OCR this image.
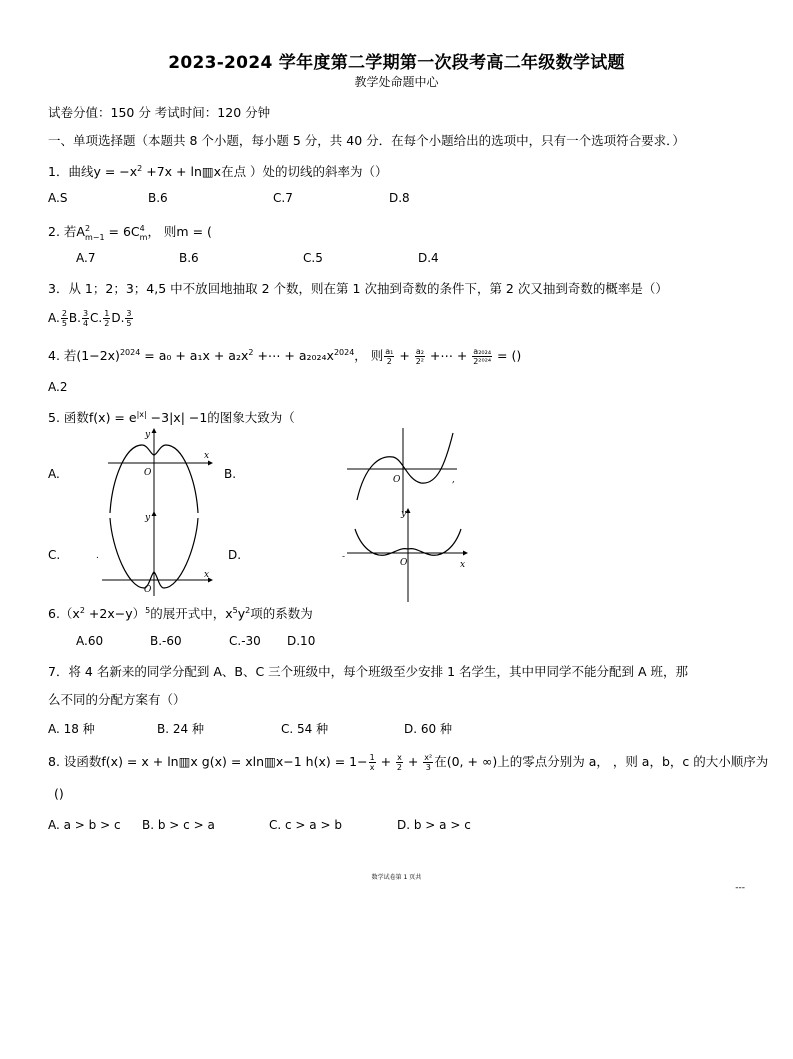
2023-2024 学年度第二学期第一次段考高二年级数学试题
教学处命题中心
试卷分值：150 分 考试时间：120 分钟
一、单项选择题（本题共 8 个小题，每小题 5 分，共 40 分．在每个小题给出的选项中，只有一个选项符合要求．）
1．曲线$y = -x^2 +7x$ + ln▥x在点 ）处的切线的斜率为（）
A.S	B.6	C.7	D.8
2. 若A 2
m−1 = 6C 4
m ， 则m = (
A.7	B.6	C.5	D.4
3．从 1；2；3；4,5 中不放回地抽取 2 个数，则在第 1 次抽到奇数的条件下，第 2 次又抽到奇数的概率是（）
A. $\frac{2}{5} B$. $\frac{3}{4} C$. $\frac{1}{2} D$. $\frac{3}{5}$
4. 若$(1-2x)^{2024} = a_0 + a_1x + a_2x^2$ +⋯ + $a_{2024}x^{2024}$， 则 $\frac{\text{a₁}}{2} + \frac{\text{a₂}}{\text{2²}}$ +⋯ + $\frac{\text{a₂₀₂₄}}{\text{2²⁰²⁴}}$ = ()
A.2
5. 函数$f(x) = e^{|x|} -3|x| -1$的图象大致为（
A.	B.
C.	D.
y
x
O
O	,
y
x
O
.
y
x
O
-
$6.(x^2 +2x-y)^5$的展开式中，$x^5y^2$项的系数为
A.60	B.-60	C.-30 D.10
7．将 4 名新来的同学分配到 A、B、C 三个班级中，每个班级至少安排 1 名学生，其中甲同学不能分配到 A 班，那
么不同的分配方案有（）
A. 18 种	B. 24 种	C. 54 种	D. 60 种
8. 设函数f(x) = x + ln▥x g(x) = xln▥x−1 $h(x) = 1- \frac{1}{x} + \frac{x}{2} + \frac{\text{x²}}{3}$ 在(0, + ∞)上的零点分别为 a， ，则 a，b，c 的大小顺序为
()
A. a > b > c B. b > c > a	C. c > a > b	D. b > a > c
数学试卷第 1 页共
---
